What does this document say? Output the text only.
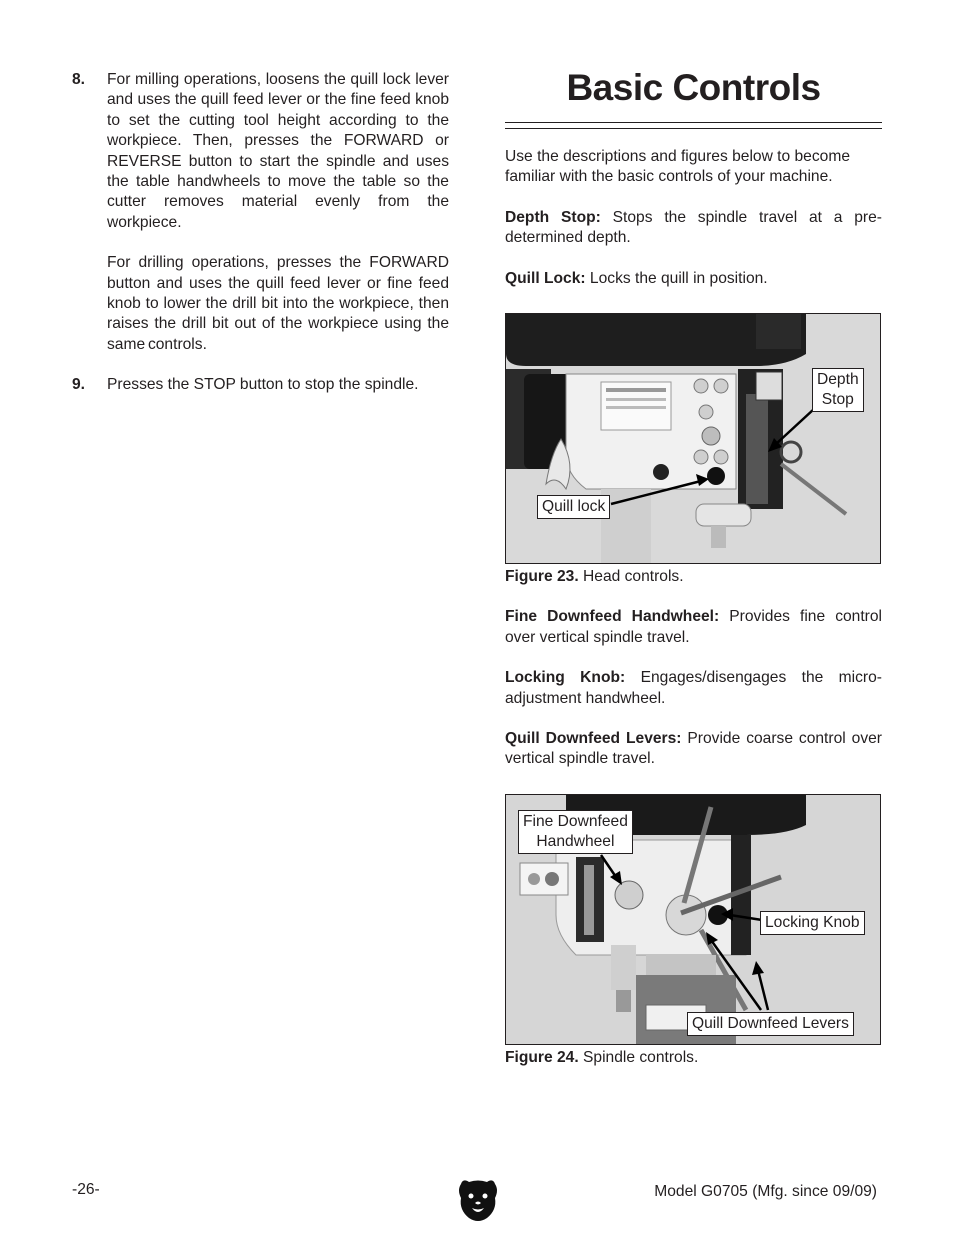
8. For milling operations, loosens the quill lock lever and uses the quill feed lever or the fine feed knob to set the cutting tool height according to the workpiece. Then, presses the FORWARD or REVERSE button to start the spindle and uses the table handwheels to move the table so the cutter removes material evenly from the workpiece.

For drilling operations, presses the FORWARD button and uses the quill feed lever or fine feed knob to lower the drill bit into the workpiece, then raises the drill bit out of the workpiece using the same controls.

9. Presses the STOP button to stop the spindle.

Basic Controls

Use the descriptions and figures below to become familiar with the basic controls of your machine.

Depth Stop: Stops the spindle travel at a predetermined depth.

Quill Lock: Locks the quill in position.

Depth
Stop
Quill lock

Figure 23. Head controls.

Fine Downfeed Handwheel: Provides fine control over vertical spindle travel.

Locking Knob: Engages/disengages the microadjustment handwheel.

Quill Downfeed Levers: Provide coarse control over vertical spindle travel.

Fine Downfeed
Handwheel
Locking Knob
Quill Downfeed Levers

Figure 24. Spindle controls.

-26-	Model G0705 (Mfg. since 09/09)
